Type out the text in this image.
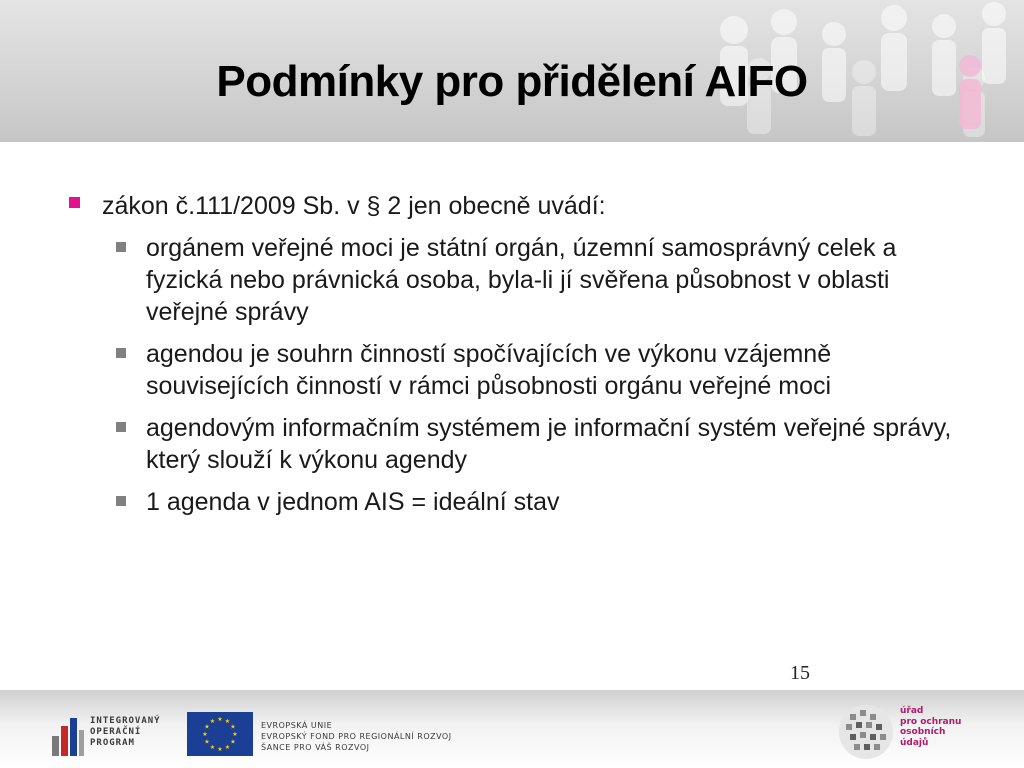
Podmínky pro přidělení AIFO
zákon č.111/2009 Sb. v § 2 jen obecně uvádí:
orgánem veřejné moci je státní orgán, územní samosprávný celek a fyzická nebo právnická osoba, byla-li jí svěřena působnost v oblasti veřejné správy
agendou je souhrn činností spočívajících ve výkonu vzájemně souvisejících činností v rámci působnosti orgánu veřejné moci
agendovým informačním systémem je informační systém veřejné správy, který slouží k výkonu agendy
1 agenda v jednom AIS = ideální stav
15
INTEGROVANÝ
OPERAČNÍ
PROGRAM
★ ★
★
★
★
★
★
★
★
★
★
★	EVROPSKÁ UNIE
EVROPSKÝ FOND PRO REGIONÁLNÍ ROZVOJ
ŠANCE PRO VÁŠ ROZVOJ
úřad
pro ochranu
osobních
údajů
